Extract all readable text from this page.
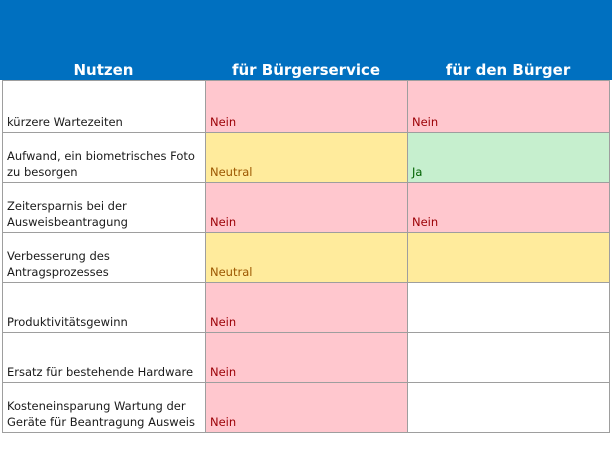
Nutzen	für Bürgerservice	für den Bürger
kürzere Wartezeiten	Nein	Nein
Aufwand, ein biometrisches Foto zu besorgen	Neutral	Ja
Zeitersparnis bei der Ausweisbeantragung	Nein	Nein
Verbesserung des Antragsprozesses	Neutral	
Produktivitätsgewinn	Nein	
Ersatz für bestehende Hardware	Nein	
Kosteneinsparung Wartung der Geräte für Beantragung Ausweis	Nein	
